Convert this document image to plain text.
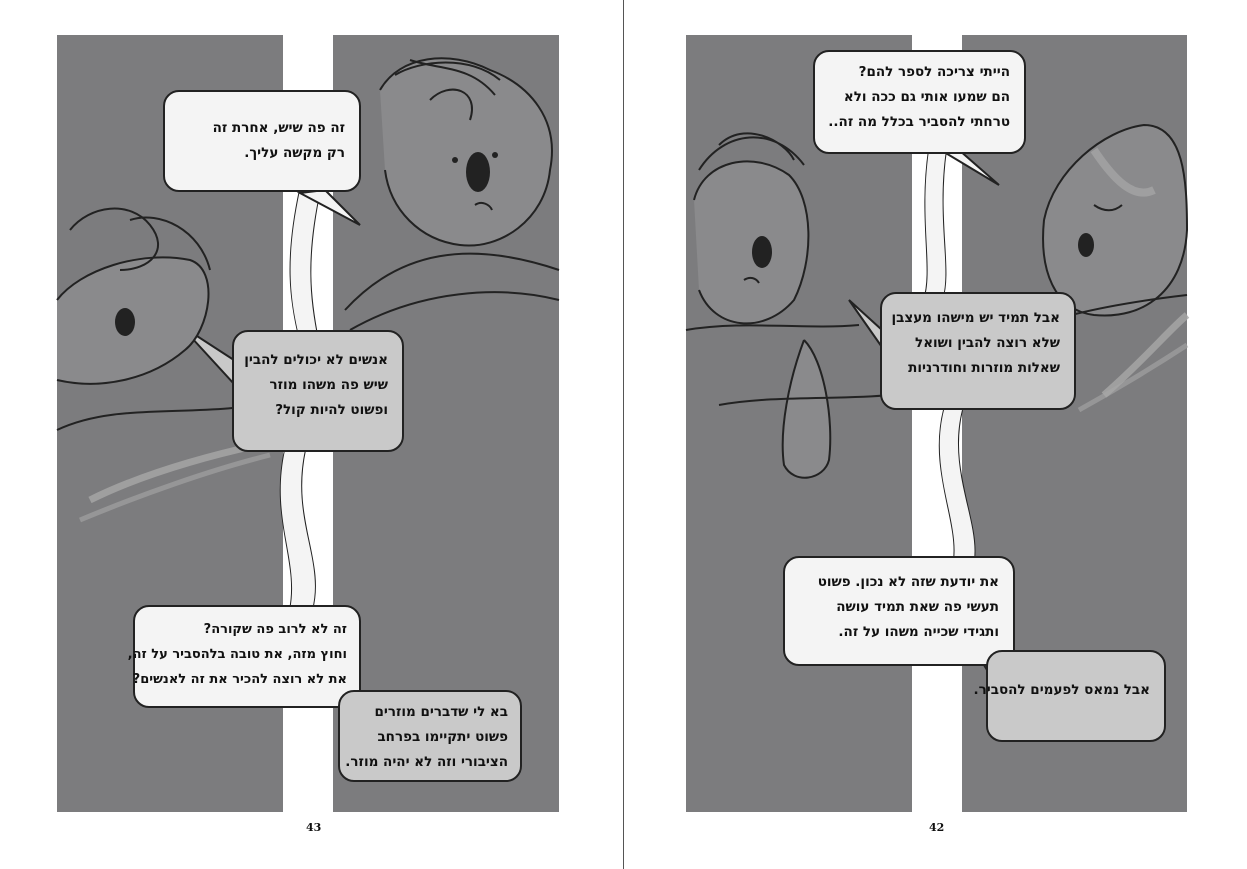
זה פה שיש, אחרת זה
רק מקשה עליך.
אנשים לא יכולים להבין
שיש פה משהו מוזר
ופשוט להיות קול?
זה לא לרוב פה שקורה?
וחוץ מזה, את טובה בלהסביר על זה,
את לא רוצה להכיר את זה לאנשים?
בא לי שדברים מוזרים
פשוט יתקיימו בפרחב
הציבורי וזה לא יהיה מוזר.
43
הייתי צריכה לספר להם?
הם שמעו אותי גם ככה ולא
טרחתי להסביר בכלל מה זה..
אבל תמיד יש מישהו מעצבן
שלא רוצה להבין ושואל
שאלות מוזרות וחודרניות
את יודעת שזה לא נכון. פשוט
תעשי פה שאת תמיד עושה
ותגידי שכייה משהו על זה.
אבל נמאס לפעמים להסביר.
42
